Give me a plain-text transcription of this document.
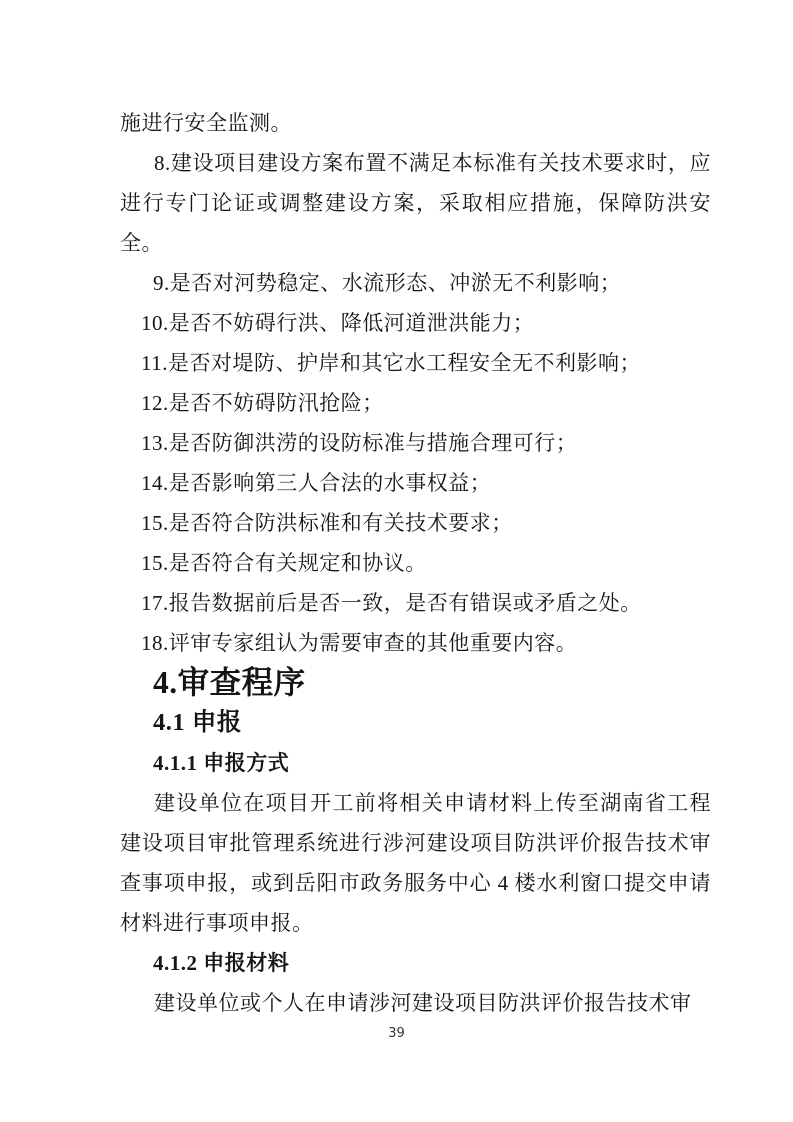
施进行安全监测。

8.建设项目建设方案布置不满足本标准有关技术要求时，应进行专门论证或调整建设方案，采取相应措施，保障防洪安全。

9.是否对河势稳定、水流形态、冲淤无不利影响；

10.是否不妨碍行洪、降低河道泄洪能力；

11.是否对堤防、护岸和其它水工程安全无不利影响；

12.是否不妨碍防汛抢险；

13.是否防御洪涝的设防标准与措施合理可行；

14.是否影响第三人合法的水事权益；

15.是否符合防洪标准和有关技术要求；

15.是否符合有关规定和协议。

17.报告数据前后是否一致，是否有错误或矛盾之处。

18.评审专家组认为需要审查的其他重要内容。

4.审查程序
4.1 申报
4.1.1 申报方式

建设单位在项目开工前将相关申请材料上传至湖南省工程建设项目审批管理系统进行涉河建设项目防洪评价报告技术审查事项申报，或到岳阳市政务服务中心 4 楼水利窗口提交申请材料进行事项申报。

4.1.2 申报材料

建设单位或个人在申请涉河建设项目防洪评价报告技术审

39
